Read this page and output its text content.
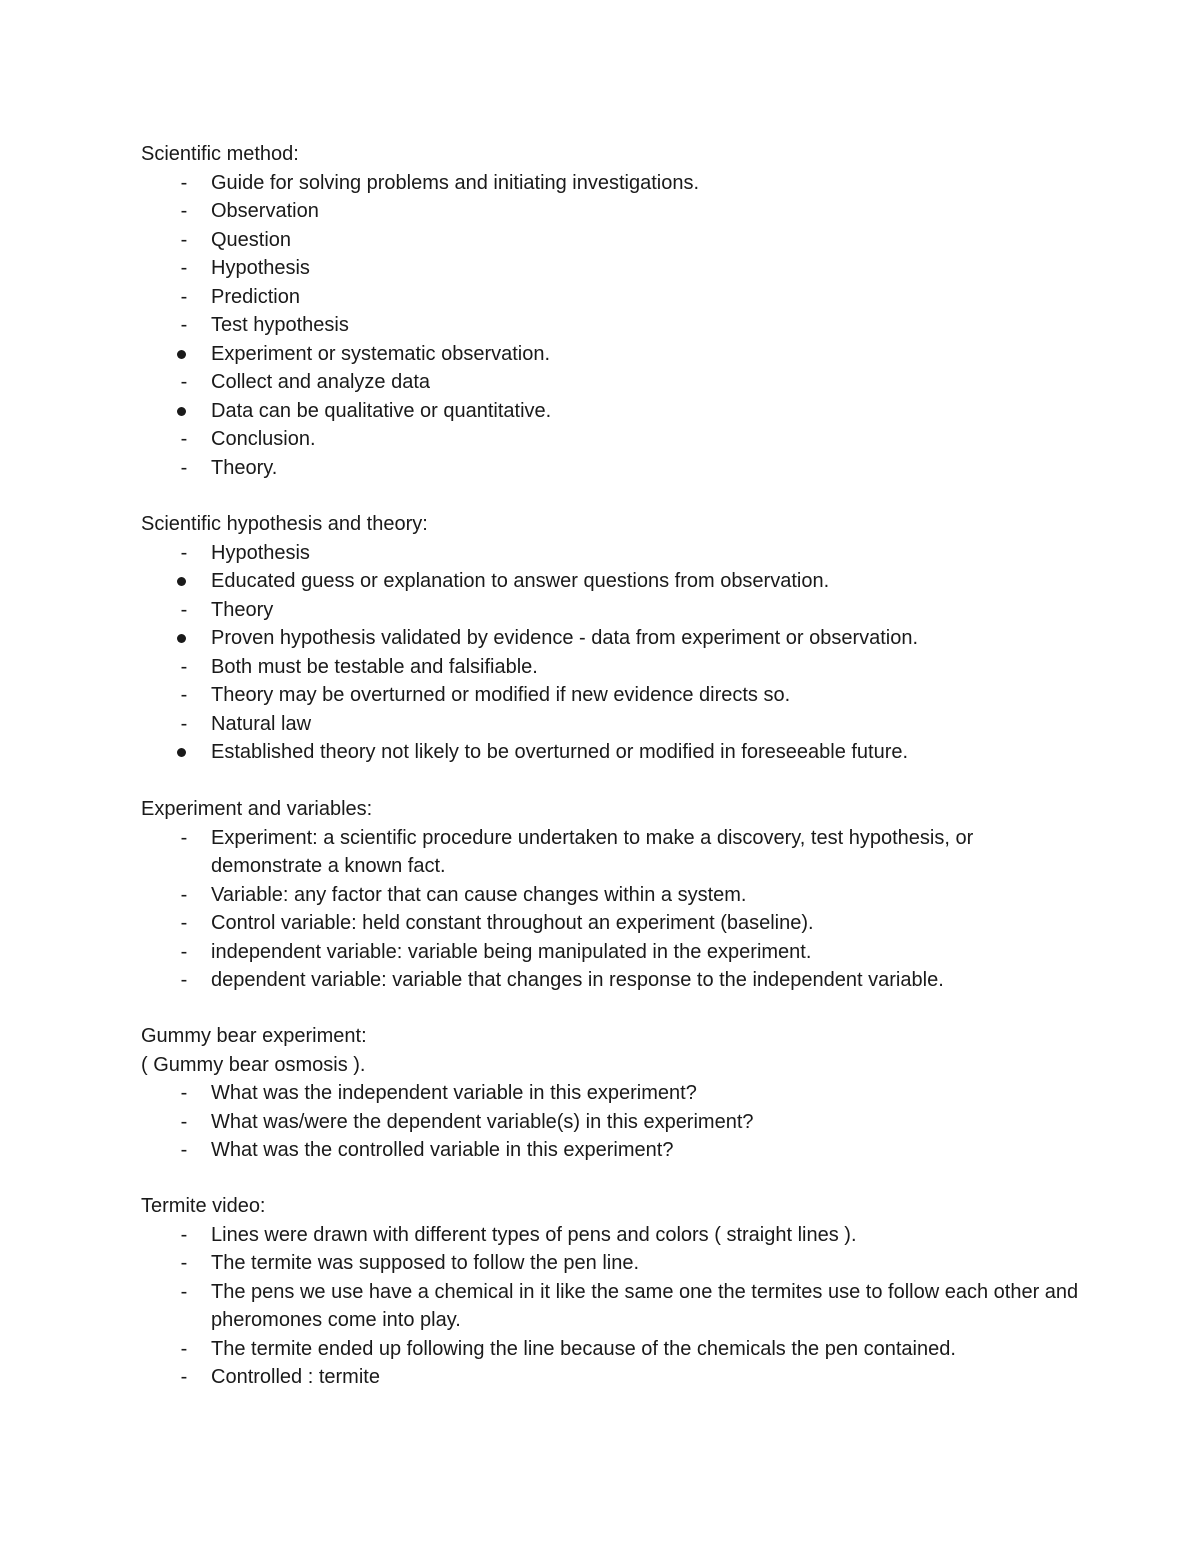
Scientific method:
-	Guide for solving problems and initiating investigations.
-	Observation
-	Question
-	Hypothesis
-	Prediction
-	Test hypothesis
Experiment or systematic observation.
-	Collect and analyze data
Data can be qualitative or quantitative.
-	Conclusion.
-	Theory.
Scientific hypothesis and theory:
-	Hypothesis
Educated guess or explanation to answer questions from observation.
-	Theory
Proven hypothesis validated by evidence - data from experiment or observation.
-	Both must be testable and falsifiable.
-	Theory may be overturned or modified if new evidence directs so.
-	Natural law
Established theory not likely to be overturned or modified in foreseeable future.
Experiment and variables:
-	Experiment: a scientific procedure undertaken to make a discovery, test hypothesis, or demonstrate a known fact.
-	Variable: any factor that can cause changes within a system.
-	Control variable: held constant throughout an experiment (baseline).
-	independent variable: variable being manipulated in the experiment.
-	dependent variable: variable that changes in response to the independent variable.
Gummy bear experiment:

( Gummy bear osmosis ).

-	What was the independent variable in this experiment?
-	What was/were the dependent variable(s) in this experiment?
-	What was the controlled variable in this experiment?
Termite video:
-	Lines were drawn with different types of pens and colors ( straight lines ).
-	The termite was supposed to follow the pen line.
-	The pens we use have a chemical in it like the same one the termites use to follow each other and pheromones come into play.
-	The termite ended up following the line because of the chemicals the pen contained.
-	Controlled : termite
